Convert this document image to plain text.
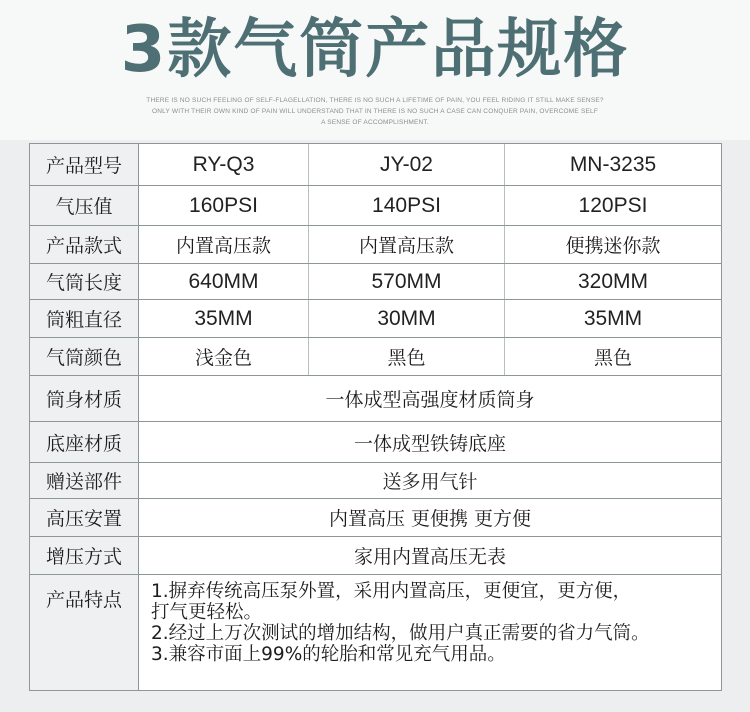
3款气筒产品规格
THERE IS NO SUCH FEELING OF SELF-FLAGELLATION, THERE IS NO SUCH A LIFETIME OF PAIN, YOU FEEL RIDING IT STILL MAKE SENSE?
ONLY WITH THEIR OWN KIND OF PAIN WILL UNDERSTAND THAT IN THERE IS NO SUCH A CASE CAN CONQUER PAIN, OVERCOME SELF
A SENSE OF ACCOMPLISHMENT.
产品型号	RY-Q3	JY-02	MN-3235
气压值	160PSI	140PSI	120PSI
产品款式	内置高压款	内置高压款	便携迷你款
气筒长度	640MM	570MM	320MM
筒粗直径	35MM	30MM	35MM
气筒颜色	浅金色	黑色	黑色
筒身材质	一体成型高强度材质筒身
底座材质	一体成型铁铸底座
赠送部件	送多用气针
高压安置	内置高压 更便携 更方便
增压方式	家用内置高压无表
产品特点	1.摒弃传统高压泵外置，采用内置高压，更便宜，更方便，
打气更轻松。
2.经过上万次测试的增加结构，做用户真正需要的省力气筒。
3.兼容市面上99%的轮胎和常见充气用品。
